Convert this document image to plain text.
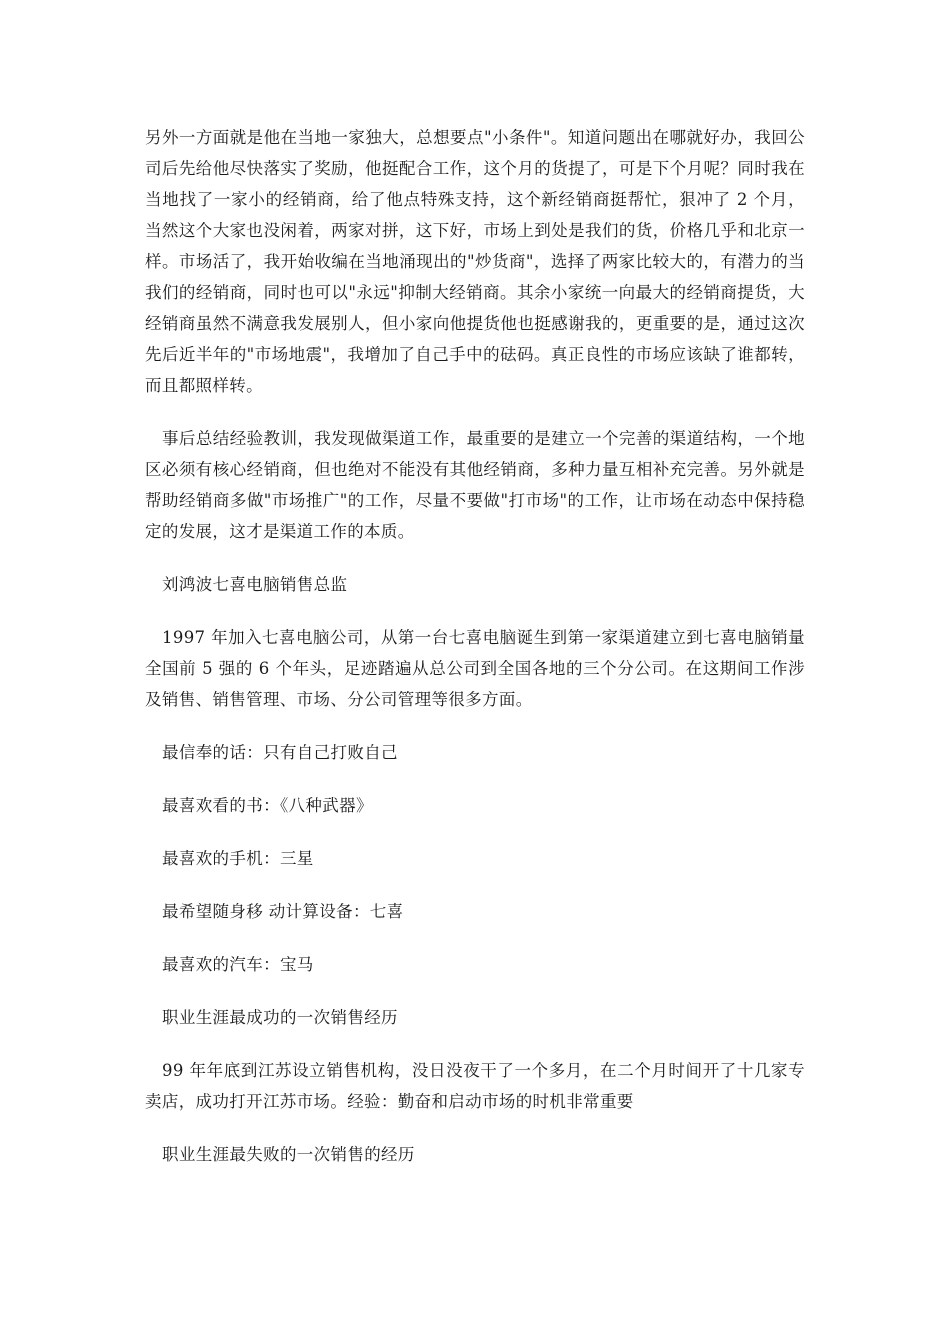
另外一方面就是他在当地一家独大，总想要点"小条件"。知道问题出在哪就好办，我回公司后先给他尽快落实了奖励，他挺配合工作，这个月的货提了，可是下个月呢？同时我在当地找了一家小的经销商，给了他点特殊支持，这个新经销商挺帮忙，狠冲了 2 个月，当然这个大家也没闲着，两家对拼，这下好，市场上到处是我们的货，价格几乎和北京一样。市场活了，我开始收编在当地涌现出的"炒货商"，选择了两家比较大的，有潜力的当我们的经销商，同时也可以"永远"抑制大经销商。其余小家统一向最大的经销商提货，大经销商虽然不满意我发展别人，但小家向他提货他也挺感谢我的，更重要的是，通过这次先后近半年的"市场地震"，我增加了自己手中的砝码。真正良性的市场应该缺了谁都转，而且都照样转。

事后总结经验教训，我发现做渠道工作，最重要的是建立一个完善的渠道结构，一个地区必须有核心经销商，但也绝对不能没有其他经销商，多种力量互相补充完善。另外就是帮助经销商多做"市场推广"的工作，尽量不要做"打市场"的工作，让市场在动态中保持稳定的发展，这才是渠道工作的本质。

刘鸿波七喜电脑销售总监

1997 年加入七喜电脑公司，从第一台七喜电脑诞生到第一家渠道建立到七喜电脑销量全国前 5 强的 6 个年头，足迹踏遍从总公司到全国各地的三个分公司。在这期间工作涉及销售、销售管理、市场、分公司管理等很多方面。

最信奉的话：只有自己打败自己

最喜欢看的书：《八种武器》

最喜欢的手机：三星

最希望随身移 动计算设备：七喜

最喜欢的汽车：宝马

职业生涯最成功的一次销售经历

99 年年底到江苏设立销售机构，没日没夜干了一个多月，在二个月时间开了十几家专卖店，成功打开江苏市场。经验：勤奋和启动市场的时机非常重要

职业生涯最失败的一次销售的经历
